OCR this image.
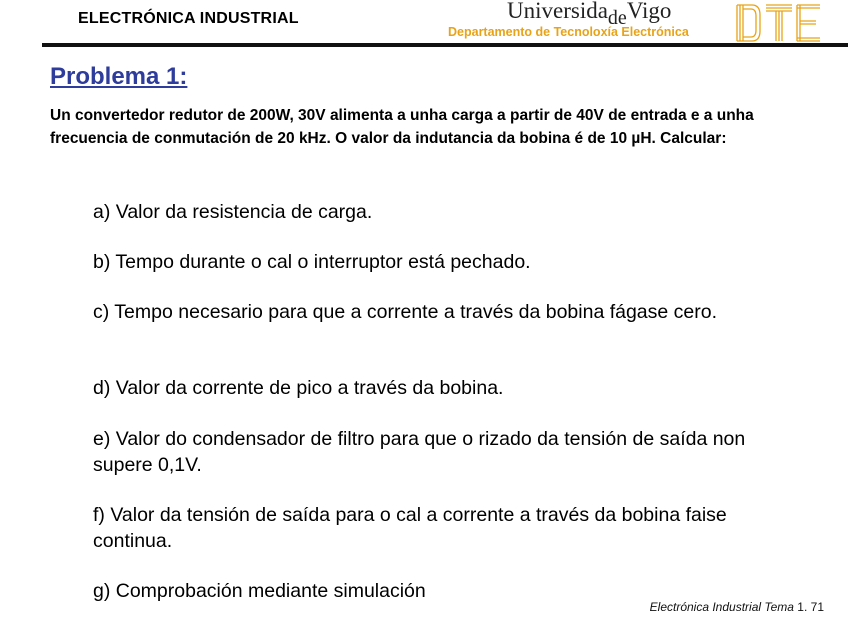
ELECTRÓNICA INDUSTRIAL	UniversidadeVigo
Departamento de Tecnoloxía Electrónica	DTE
Problema 1:
Un convertedor redutor de 200W, 30V alimenta a unha carga a partir de 40V de entrada e a unha frecuencia de conmutación de 20 kHz. O valor da indutancia da bobina é de 10 µH. Calcular:
a) Valor da resistencia de carga.
b) Tempo durante o cal o interruptor está pechado.
c) Tempo necesario para que a corrente a través da bobina fágase cero.
d) Valor da corrente de pico a través da bobina.
e) Valor do condensador de filtro para que o rizado da tensión de saída non supere 0,1V.
f) Valor da tensión de saída para o cal a corrente a través da bobina faise continua.
g) Comprobación mediante simulación
Electrónica Industrial Tema 1. 71
